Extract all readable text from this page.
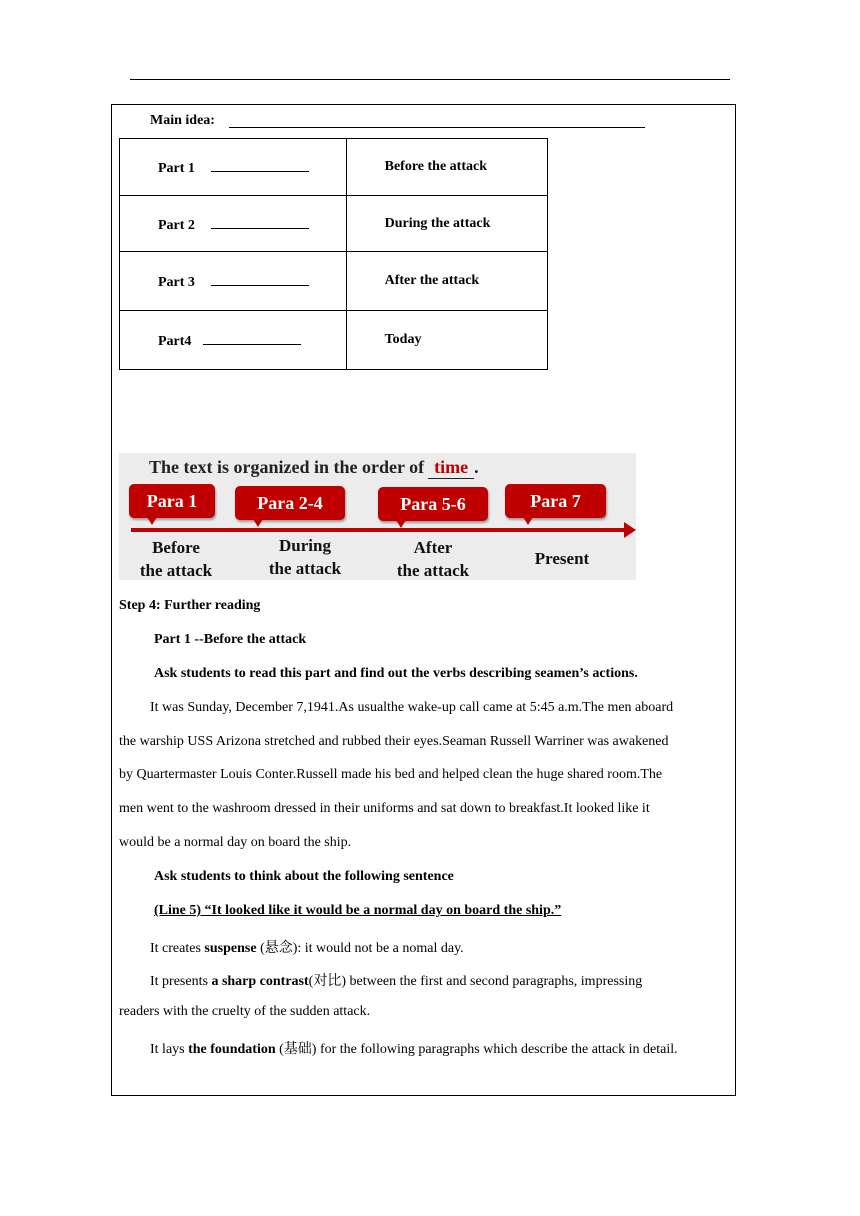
Main idea:
Part 1	Before the attack
Part 2	During the attack
Part 3	After the attack
Part4	Today
The text is organized in the order of time .
Para 1	Para 2-4	Para 5-6	Para 7
Before
the attack
During
the attack
After
the attack
Present
Step 4: Further reading
Part 1 --Before the attack
Ask students to read this part and find out the verbs describing seamen’s actions.
It was Sunday, December 7,1941.As usualthe wake-up call came at 5:45 a.m.The men aboard
the warship USS Arizona stretched and rubbed their eyes.Seaman Russell Warriner was awakened
by Quartermaster Louis Conter.Russell made his bed and helped clean the huge shared room.The
men went to the washroom dressed in their uniforms and sat down to breakfast.It looked like it
would be a normal day on board the ship.
Ask students to think about the following sentence
(Line 5) “It looked like it would be a normal day on board the ship.”
It creates suspense (悬念): it would not be a nomal day.
It presents a sharp contrast(对比) between the first and second paragraphs, impressing
readers with the cruelty of the sudden attack.
It lays the foundation (基础) for the following paragraphs which describe the attack in detail.
